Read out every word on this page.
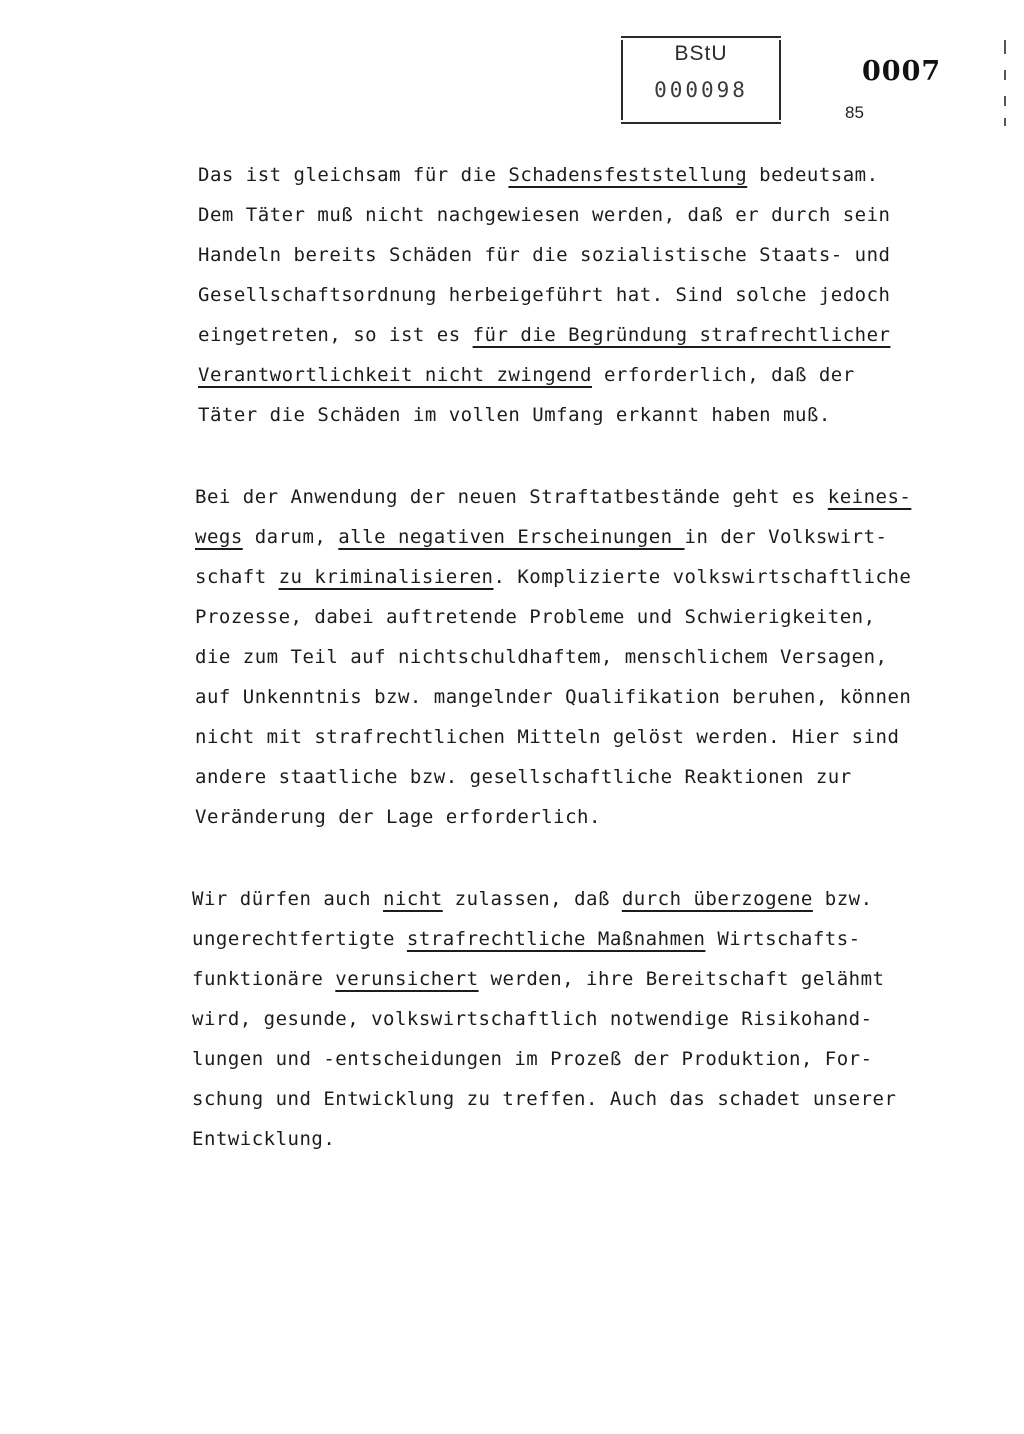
BStU
000098
0007
85
Das ist gleichsam für die Schadensfeststellung bedeutsam.
Dem Täter muß nicht nachgewiesen werden, daß er durch sein
Handeln bereits Schäden für die sozialistische Staats- und
Gesellschaftsordnung herbeigeführt hat. Sind solche jedoch
eingetreten, so ist es für die Begründung strafrechtlicher
Verantwortlichkeit nicht zwingend erforderlich, daß der
Täter die Schäden im vollen Umfang erkannt haben muß.
Bei der Anwendung der neuen Straftatbestände geht es keines-
wegs darum, alle negativen Erscheinungen in der Volkswirt-
schaft zu kriminalisieren. Komplizierte volkswirtschaftliche
Prozesse, dabei auftretende Probleme und Schwierigkeiten,
die zum Teil auf nichtschuldhaftem, menschlichem Versagen,
auf Unkenntnis bzw. mangelnder Qualifikation beruhen, können
nicht mit strafrechtlichen Mitteln gelöst werden. Hier sind
andere staatliche bzw. gesellschaftliche Reaktionen zur
Veränderung der Lage erforderlich.
Wir dürfen auch nicht zulassen, daß durch überzogene bzw.
ungerechtfertigte strafrechtliche Maßnahmen Wirtschafts-
funktionäre verunsichert werden, ihre Bereitschaft gelähmt
wird, gesunde, volkswirtschaftlich notwendige Risikohand-
lungen und -entscheidungen im Prozeß der Produktion, For-
schung und Entwicklung zu treffen. Auch das schadet unserer
Entwicklung.
